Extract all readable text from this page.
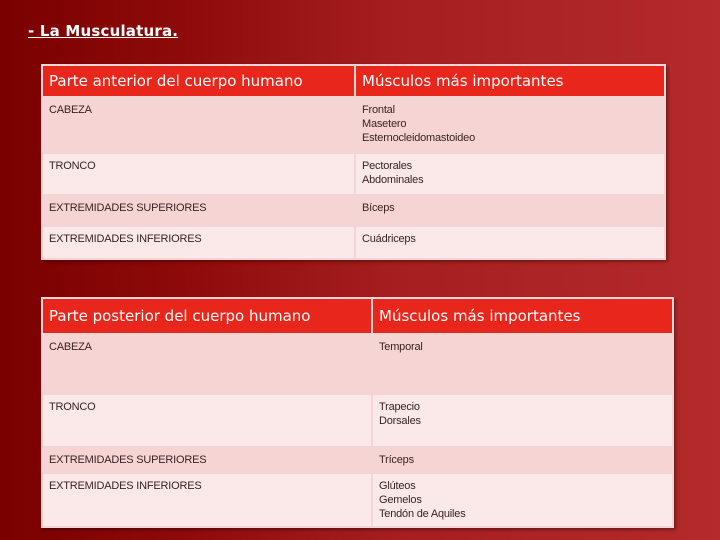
- La Musculatura.
Parte anterior del cuerpo humano	Músculos más importantes
CABEZA	Frontal
Masetero
Esternocleidomastoideo
TRONCO	Pectorales
Abdominales
EXTREMIDADES SUPERIORES	Bíceps
EXTREMIDADES INFERIORES	Cuádriceps
Parte posterior del cuerpo humano	Músculos más importantes
CABEZA	Temporal
TRONCO	Trapecio
Dorsales
EXTREMIDADES SUPERIORES	Tríceps
EXTREMIDADES INFERIORES	Glúteos
Gemelos
Tendón de Aquiles
